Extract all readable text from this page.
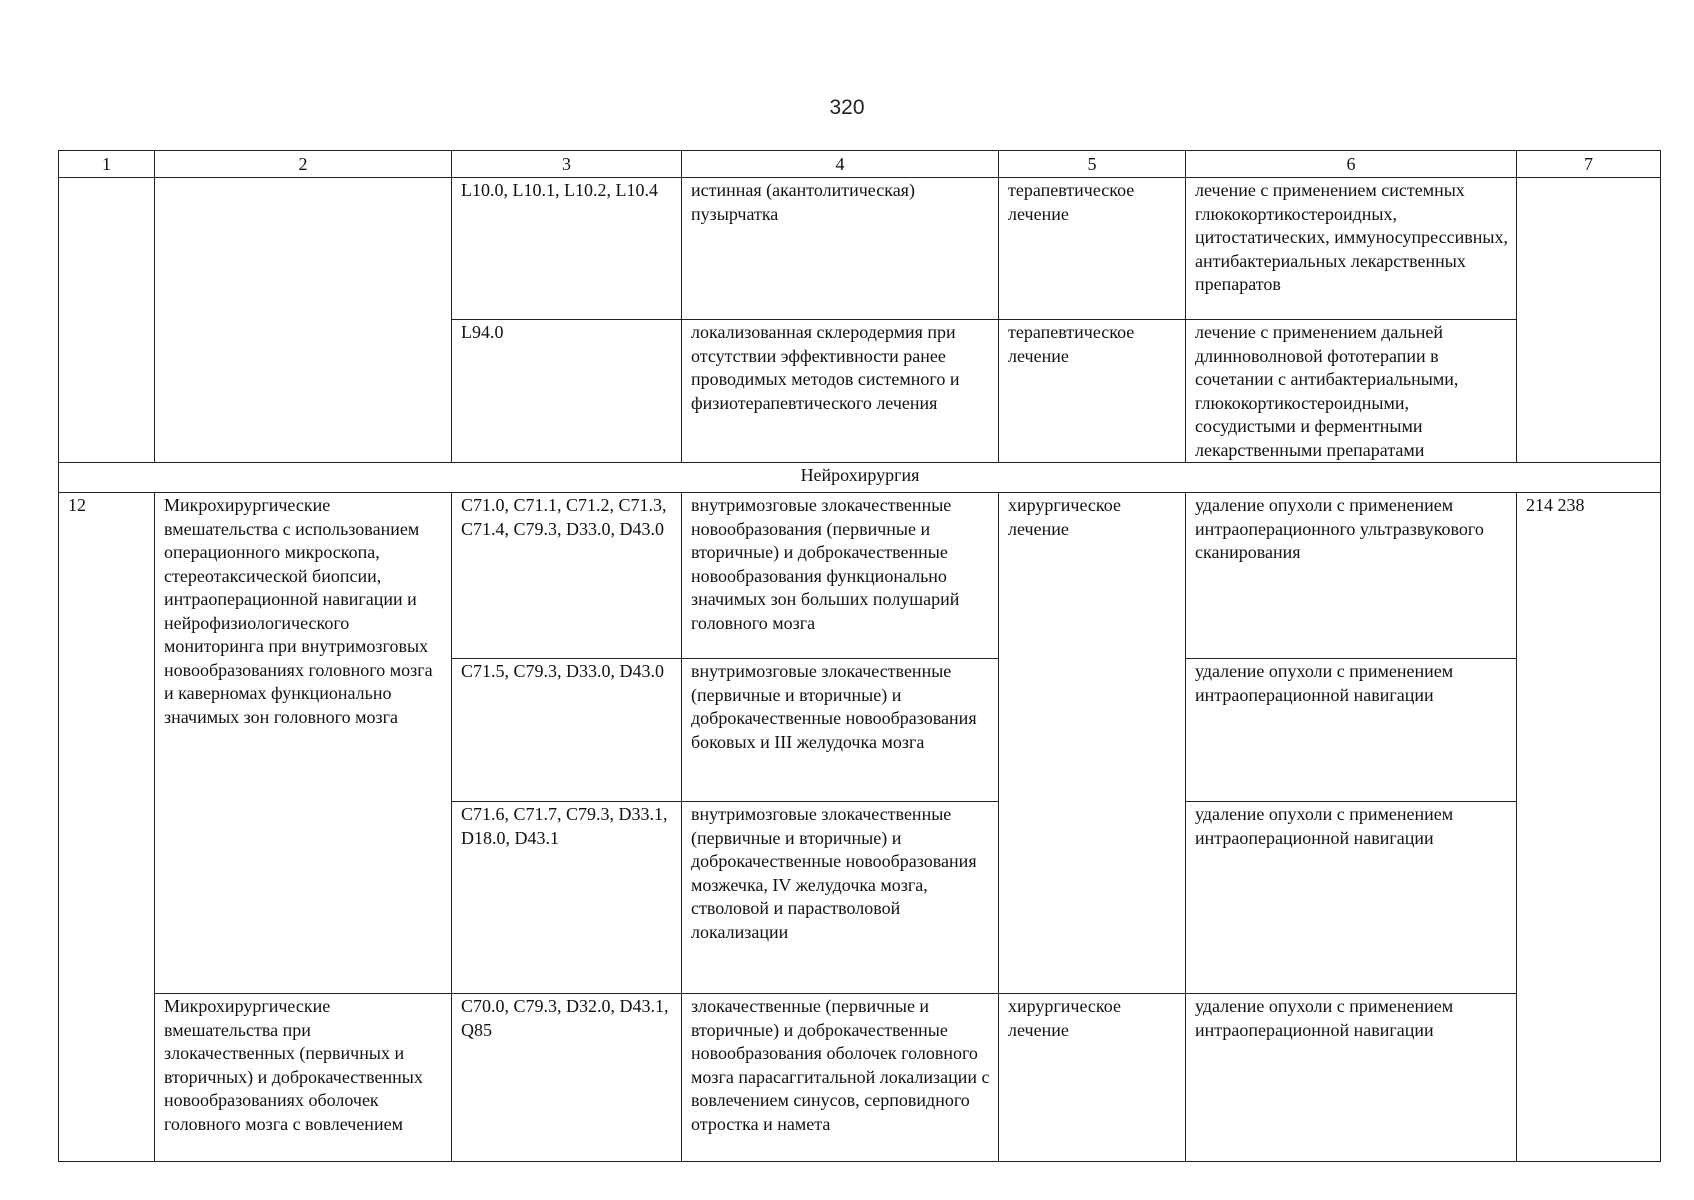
320
1	2	3	4	5	6	7
		L10.0, L10.1, L10.2, L10.4	истинная (акантолитическая) пузырчатка	терапевтическое лечение	лечение с применением системных глюкокортикостероидных, цитостатических, иммуносупрессивных, антибактериальных лекарственных препаратов	
		L94.0	локализованная склеродермия при отсутствии эффективности ранее проводимых методов системного и физиотерапевтического лечения	терапевтическое лечение	лечение с применением дальней длинноволновой фототерапии в сочетании с антибактериальными, глюкокортикостероидными, сосудистыми и ферментными лекарственными препаратами	
Нейрохирургия						
12	Микрохирургические вмешательства с использованием операционного микроскопа, стереотаксической биопсии, интраоперационной навигации и нейрофизиологического мониторинга при внутримозговых новообразованиях головного мозга и каверномах функционально значимых зон головного мозга	C71.0, C71.1, C71.2, C71.3, C71.4, C79.3, D33.0, D43.0	внутримозговые злокачественные новообразования (первичные и вторичные) и доброкачественные новообразования функционально значимых зон больших полушарий головного мозга	хирургическое лечение	удаление опухоли с применением интраоперационного ультразвукового сканирования	214 238
		C71.5, C79.3, D33.0, D43.0	внутримозговые злокачественные (первичные и вторичные) и доброкачественные новообразования боковых и III желудочка мозга		удаление опухоли с применением интраоперационной навигации	
		C71.6, C71.7, C79.3, D33.1, D18.0, D43.1	внутримозговые злокачественные (первичные и вторичные) и доброкачественные новообразования мозжечка, IV желудочка мозга, стволовой и парастволовой локализации		удаление опухоли с применением интраоперационной навигации	
	Микрохирургические вмешательства при злокачественных (первичных и вторичных) и доброкачественных новообразованиях оболочек головного мозга с вовлечением	C70.0, C79.3, D32.0, D43.1, Q85	злокачественные (первичные и вторичные) и доброкачественные новообразования оболочек головного мозга парасаггитальной локализации с вовлечением синусов, серповидного отростка и намета	хирургическое лечение	удаление опухоли с применением интраоперационной навигации	
